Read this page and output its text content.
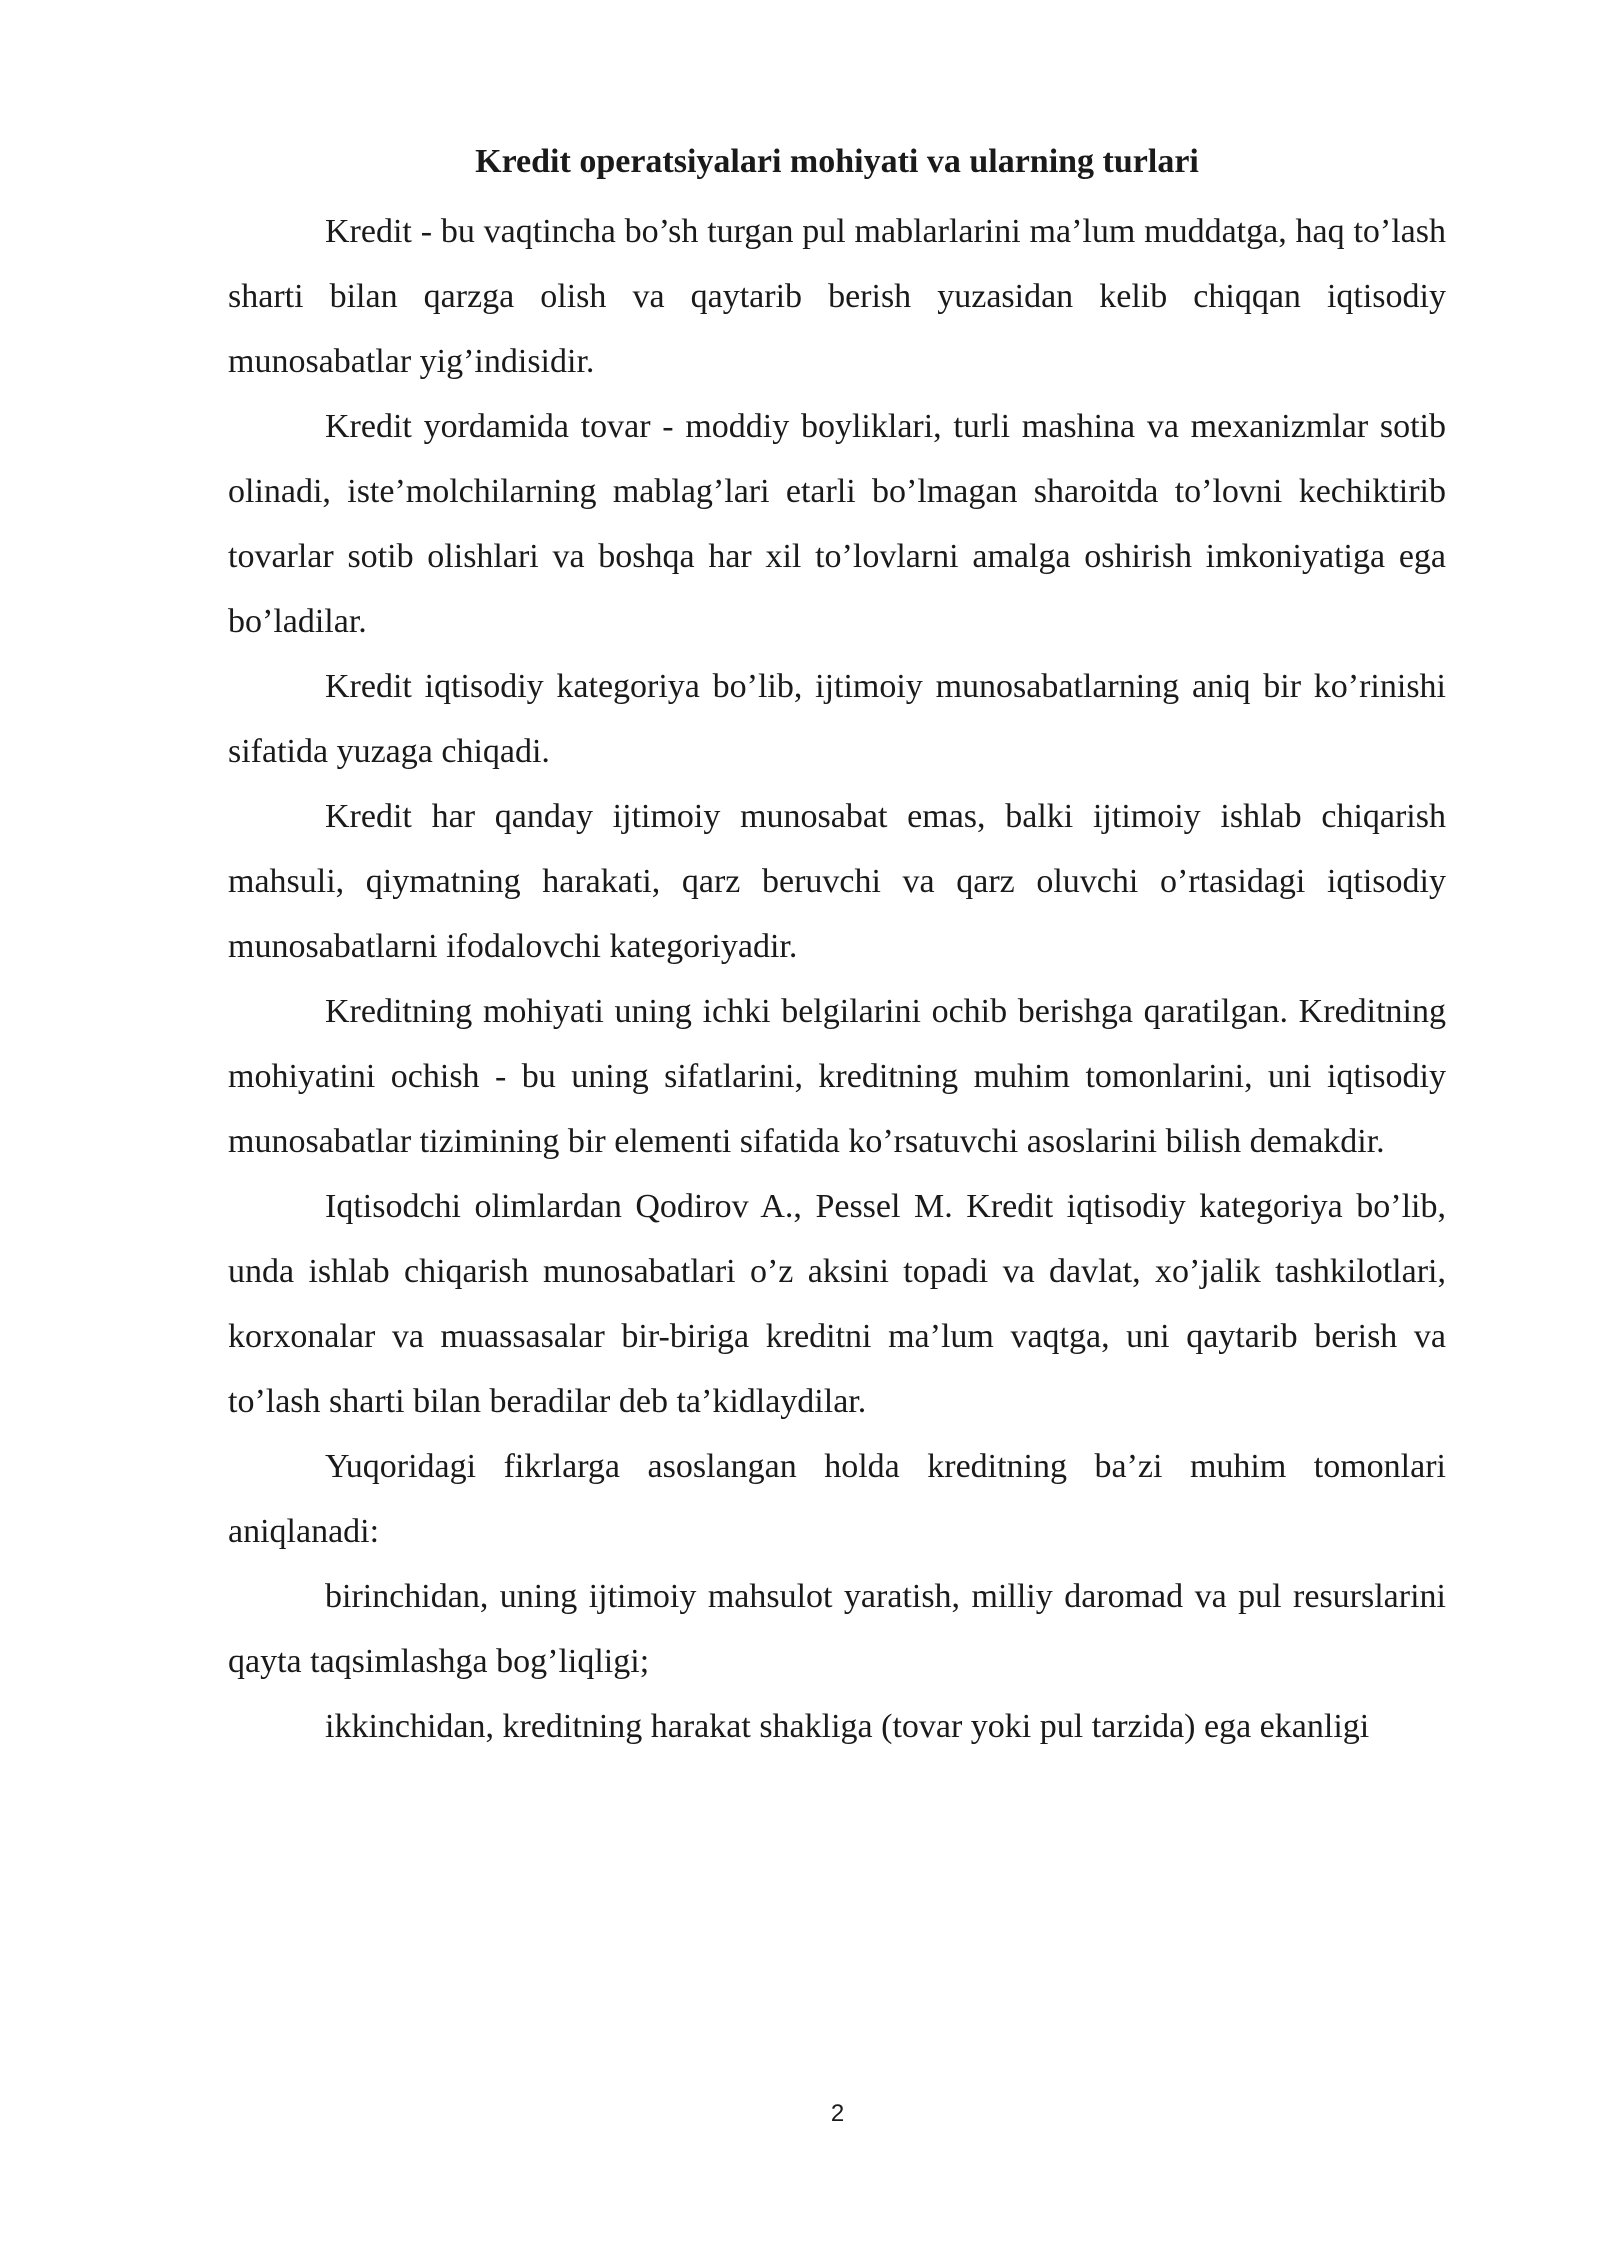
Kredit operatsiyalari mohiyati va ularning turlari

Kredit - bu vaqtincha bo’sh turgan pul mablarlarini ma’lum muddatga, haq to’lash sharti bilan qarzga olish va qaytarib berish yuzasidan kelib chiqqan iqtisodiy munosabatlar yig’indisidir.

Kredit yordamida tovar - moddiy boyliklari, turli mashina va mexanizmlar sotib olinadi, iste’molchilarning mablag’lari etarli bo’lmagan sharoitda to’lovni kechiktirib tovarlar sotib olishlari va boshqa har xil to’lovlarni amalga oshirish imkoniyatiga ega bo’ladilar.

Kredit iqtisodiy kategoriya bo’lib, ijtimoiy munosabatlarning aniq bir ko’rinishi sifatida yuzaga chiqadi.

Kredit har qanday ijtimoiy munosabat emas, balki ijtimoiy ishlab chiqarish mahsuli, qiymatning harakati, qarz beruvchi va qarz oluvchi o’rtasidagi iqtisodiy munosabatlarni ifodalovchi kategoriyadir.

Kreditning mohiyati uning ichki belgilarini ochib berishga qaratilgan. Kreditning mohiyatini ochish - bu uning sifatlarini, kreditning muhim tomonlarini, uni iqtisodiy munosabatlar tizimining bir elementi sifatida ko’rsatuvchi asoslarini bilish demakdir.

Iqtisodchi olimlardan Qodirov A., Pessel M. Kredit iqtisodiy kategoriya bo’lib, unda ishlab chiqarish munosabatlari o’z aksini topadi va davlat, xo’jalik tashkilotlari, korxonalar va muassasalar bir-biriga kreditni ma’lum vaqtga, uni qaytarib berish va to’lash sharti bilan beradilar deb ta’kidlaydilar.

Yuqoridagi fikrlarga asoslangan holda kreditning ba’zi muhim tomonlari aniqlanadi:

birinchidan, uning ijtimoiy mahsulot yaratish, milliy daromad va pul resurslarini qayta taqsimlashga bog’liqligi;

ikkinchidan, kreditning harakat shakliga (tovar yoki pul tarzida) ega ekanligi

2
